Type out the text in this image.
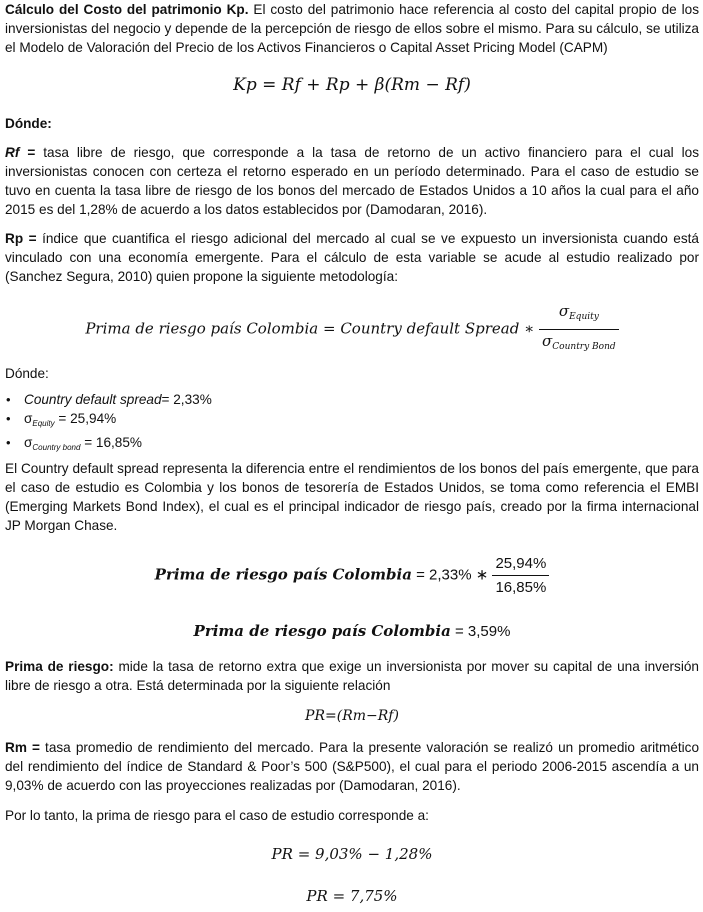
Cálculo del Costo del patrimonio Kp. El costo del patrimonio hace referencia al costo del capital propio de los inversionistas del negocio y depende de la percepción de riesgo de ellos sobre el mismo. Para su cálculo, se utiliza el Modelo de Valoración del Precio de los Activos Financieros o Capital Asset Pricing Model (CAPM)

Kp = Rf + Rp + β(Rm − Rf)
Dónde:

Rf = tasa libre de riesgo, que corresponde a la tasa de retorno de un activo financiero para el cual los inversionistas conocen con certeza el retorno esperado en un período determinado. Para el caso de estudio se tuvo en cuenta la tasa libre de riesgo de los bonos del mercado de Estados Unidos a 10 años la cual para el año 2015 es del 1,28% de acuerdo a los datos establecidos por (Damodaran, 2016).

Rp = índice que cuantifica el riesgo adicional del mercado al cual se ve expuesto un inversionista cuando está vinculado con una economía emergente. Para el cálculo de esta variable se acude al estudio realizado por (Sanchez Segura, 2010) quien propone la siguiente metodología:

Prima de riesgo país Colombia = Country default Spread ∗ $\frac{\sigma_{Equity}}{\sigma_{Country Bond}}$
Dónde:
• Country default spread= 2,33%
• $\sigma_{Equity} = 25,94\%$
• $\sigma_{Country bond} = 16,85\%$

El Country default spread representa la diferencia entre el rendimientos de los bonos del país emergente, que para el caso de estudio es Colombia y los bonos de tesorería de Estados Unidos, se toma como referencia el EMBI (Emerging Markets Bond Index), el cual es el principal indicador de riesgo país, creado por la firma internacional JP Morgan Chase.

Prima de riesgo país Colombia = 2,33% ∗ $\frac{25,94\%}{16,85\%}$
Prima de riesgo país Colombia = 3,59%

Prima de riesgo: mide la tasa de retorno extra que exige un inversionista por mover su capital de una inversión libre de riesgo a otra. Está determinada por la siguiente relación

PR=(Rm−Rf)

Rm = tasa promedio de rendimiento del mercado. Para la presente valoración se realizó un promedio aritmético del rendimiento del índice de Standard & Poor’s 500 (S&P500), el cual para el periodo 2006-2015 ascendía a un 9,03% de acuerdo con las proyecciones realizadas por (Damodaran, 2016).

Por lo tanto, la prima de riesgo para el caso de estudio corresponde a:

PR = 9,03% − 1,28%
PR = 7,75%
